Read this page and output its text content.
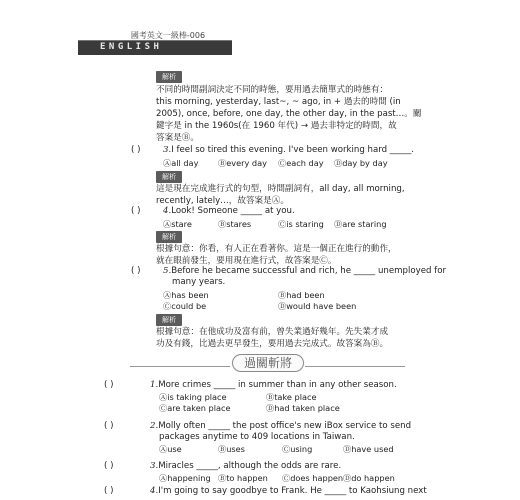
國考英文一級棒-006
ENGLISH
解析
不同的時間副詞決定不同的時態，要用過去簡單式的時態有：
this morning, yesterday, last~, ~ ago, in + 過去的時間 (in
2005), once, before, one day, the other day, in the past…。關
鍵字是 in the 1960s(在 1960 年代) → 過去非特定的時間，故
答案是Ⓑ。
( )	3.I feel so tired this evening. I've been working hard _____.
Ⓐall day Ⓑevery day Ⓒeach day Ⓓday by day
解析
這是現在完成進行式的句型，時間副詞有，all day, all morning,
recently, lately…，故答案是Ⓐ。
( )	4.Look! Someone _____ at you.
Ⓐstare	Ⓑstares	Ⓒis staring Ⓓare staring
解析
根據句意：你看，有人正在看著你。這是一個正在進行的動作，
就在眼前發生，要用現在進行式，故答案是Ⓒ。
( )	5.Before he became successful and rich, he _____ unemployed for
many years.
Ⓐhas been	Ⓑhad been
Ⓒcould be	Ⓓwould have been
解析
根據句意：在他成功及富有前，曾失業過好幾年。先失業才成
功及有錢，比過去更早發生，要用過去完成式。故答案為Ⓑ。
過關斬將
( )	1.More crimes _____ in summer than in any other season.
Ⓐis taking place	Ⓑtake place
Ⓒare taken place	Ⓓhad taken place
( )	2.Molly often _____ the post office's new iBox service to send
packages anytime to 409 locations in Taiwan.
Ⓐuse	Ⓑuses	Ⓒusing	Ⓓhave used
( )	3.Miracles _____, although the odds are rare.
Ⓐhappening Ⓑto happen Ⓒdoes happen Ⓓdo happen
( )	4.I'm going to say goodbye to Frank. He _____ to Kaohsiung next
